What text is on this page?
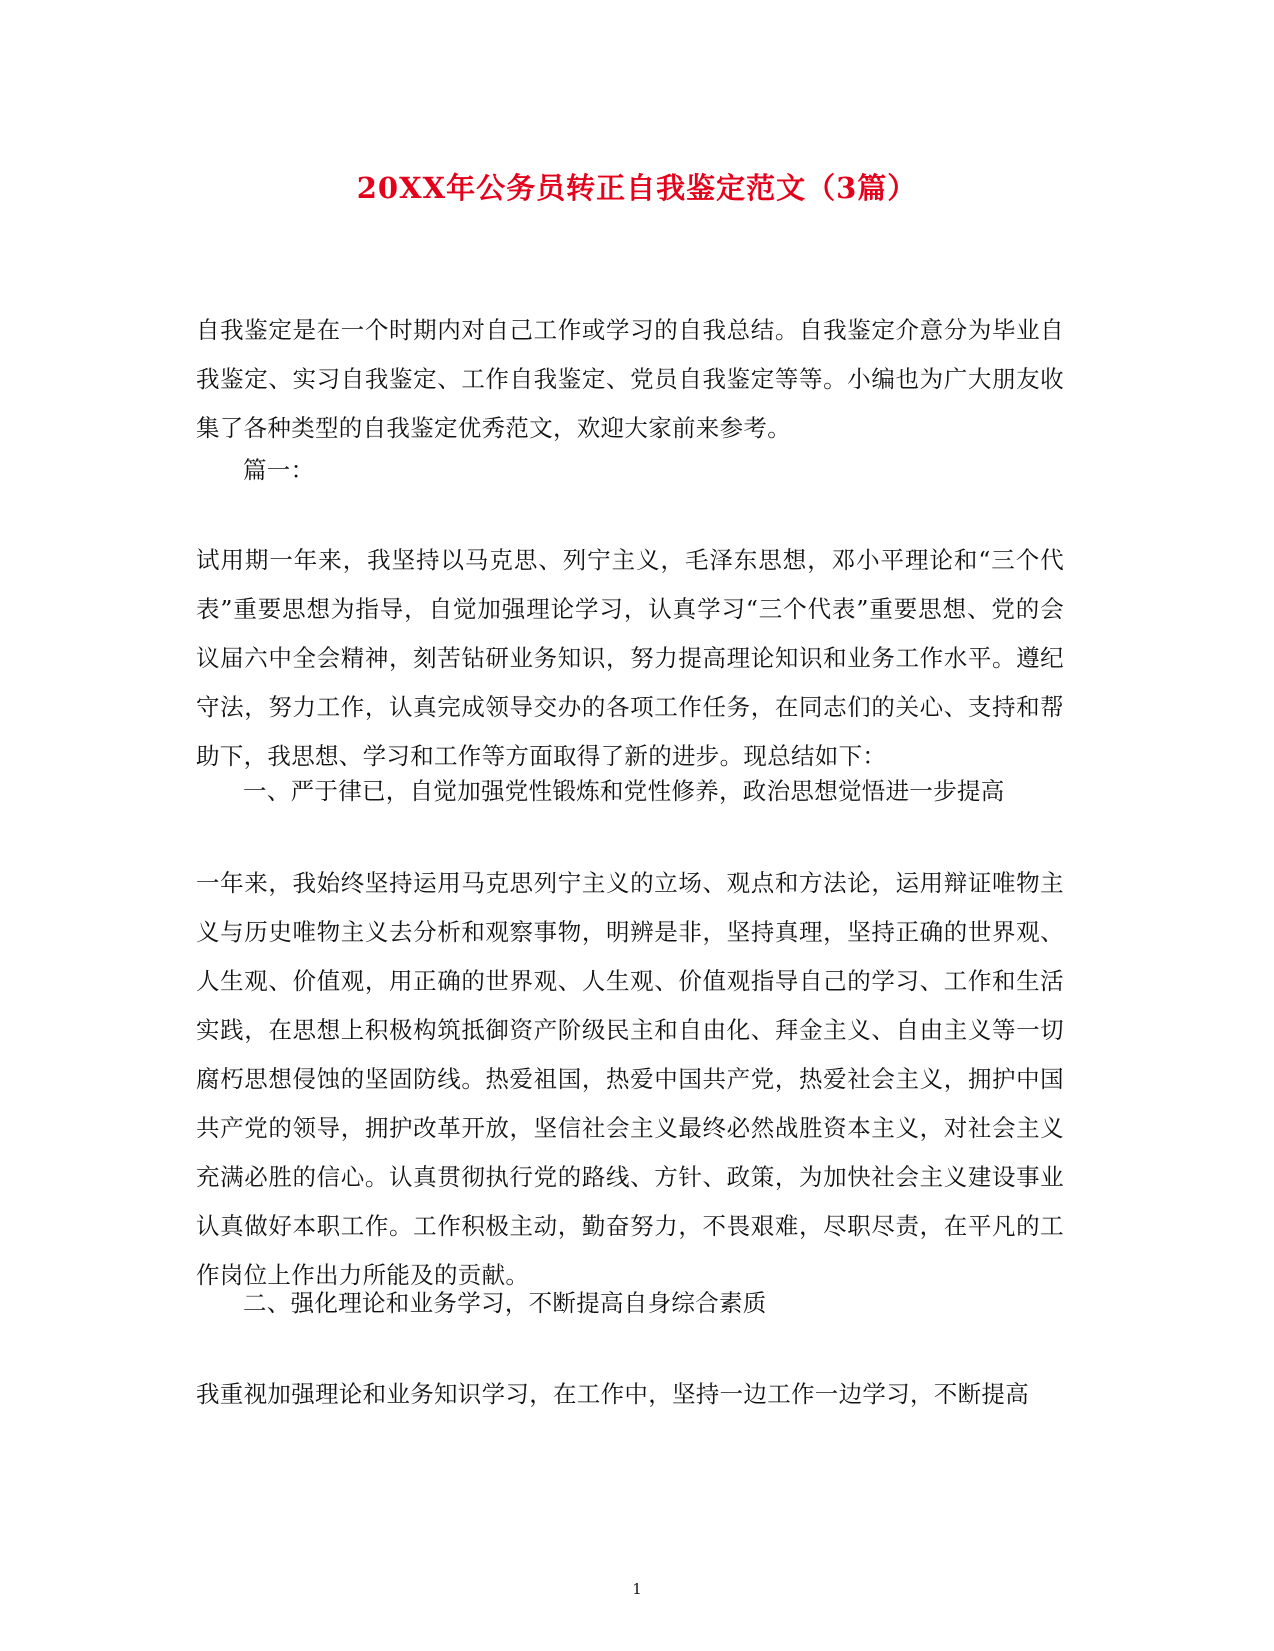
20XX年公务员转正自我鉴定范文（3篇）
自我鉴定是在一个时期内对自己工作或学习的自我总结。自我鉴定介意分为毕业自我鉴定、实习自我鉴定、工作自我鉴定、党员自我鉴定等等。小编也为广大朋友收集了各种类型的自我鉴定优秀范文，欢迎大家前来参考。
篇一：
试用期一年来，我坚持以马克思、列宁主义，毛泽东思想，邓小平理论和“三个代表”重要思想为指导，自觉加强理论学习，认真学习“三个代表”重要思想、党的会议届六中全会精神，刻苦钻研业务知识，努力提高理论知识和业务工作水平。遵纪守法，努力工作，认真完成领导交办的各项工作任务，在同志们的关心、支持和帮助下，我思想、学习和工作等方面取得了新的进步。现总结如下：
一、严于律已，自觉加强党性锻炼和党性修养，政治思想觉悟进一步提高
一年来，我始终坚持运用马克思列宁主义的立场、观点和方法论，运用辩证唯物主义与历史唯物主义去分析和观察事物，明辨是非，坚持真理，坚持正确的世界观、人生观、价值观，用正确的世界观、人生观、价值观指导自己的学习、工作和生活实践，在思想上积极构筑抵御资产阶级民主和自由化、拜金主义、自由主义等一切腐朽思想侵蚀的坚固防线。热爱祖国，热爱中国共产党，热爱社会主义，拥护中国共产党的领导，拥护改革开放，坚信社会主义最终必然战胜资本主义，对社会主义充满必胜的信心。认真贯彻执行党的路线、方针、政策，为加快社会主义建设事业认真做好本职工作。工作积极主动，勤奋努力，不畏艰难，尽职尽责，在平凡的工作岗位上作出力所能及的贡献。
二、强化理论和业务学习，不断提高自身综合素质
我重视加强理论和业务知识学习，在工作中，坚持一边工作一边学习，不断提高
1
